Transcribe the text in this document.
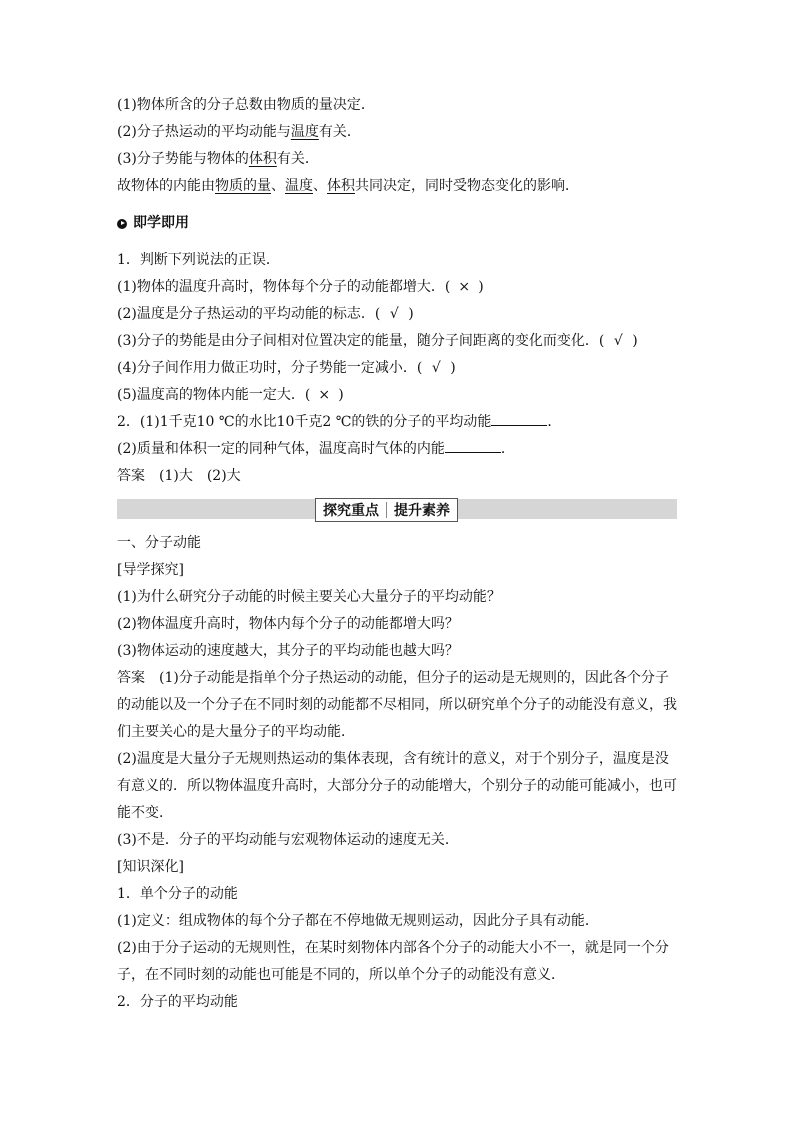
(1)物体所含的分子总数由物质的量决定．
(2)分子热运动的平均动能与温度有关．
(3)分子势能与物体的体积有关．
故物体的内能由物质的量、温度、体积共同决定，同时受物态变化的影响．
即学即用
1．判断下列说法的正误．
(1)物体的温度升高时，物体每个分子的动能都增大．( × )
(2)温度是分子热运动的平均动能的标志．( √ )
(3)分子的势能是由分子间相对位置决定的能量，随分子间距离的变化而变化．( √ )
(4)分子间作用力做正功时，分子势能一定减小．( √ )
(5)温度高的物体内能一定大．( × )
2．(1)1千克10 ℃的水比10千克2 ℃的铁的分子的平均动能	．
(2)质量和体积一定的同种气体，温度高时气体的内能	．
答案　(1)大　(2)大
探究重点	提升素养
一、分子动能
[导学探究]
(1)为什么研究分子动能的时候主要关心大量分子的平均动能？
(2)物体温度升高时，物体内每个分子的动能都增大吗？
(3)物体运动的速度越大，其分子的平均动能也越大吗？
答案　(1)分子动能是指单个分子热运动的动能，但分子的运动是无规则的，因此各个分子的动能以及一个分子在不同时刻的动能都不尽相同，所以研究单个分子的动能没有意义，我们主要关心的是大量分子的平均动能．
(2)温度是大量分子无规则热运动的集体表现，含有统计的意义，对于个别分子，温度是没有意义的．所以物体温度升高时，大部分分子的动能增大，个别分子的动能可能减小，也可能不变．
(3)不是．分子的平均动能与宏观物体运动的速度无关．
[知识深化]
1．单个分子的动能
(1)定义：组成物体的每个分子都在不停地做无规则运动，因此分子具有动能．
(2)由于分子运动的无规则性，在某时刻物体内部各个分子的动能大小不一，就是同一个分子，在不同时刻的动能也可能是不同的，所以单个分子的动能没有意义．
2．分子的平均动能
